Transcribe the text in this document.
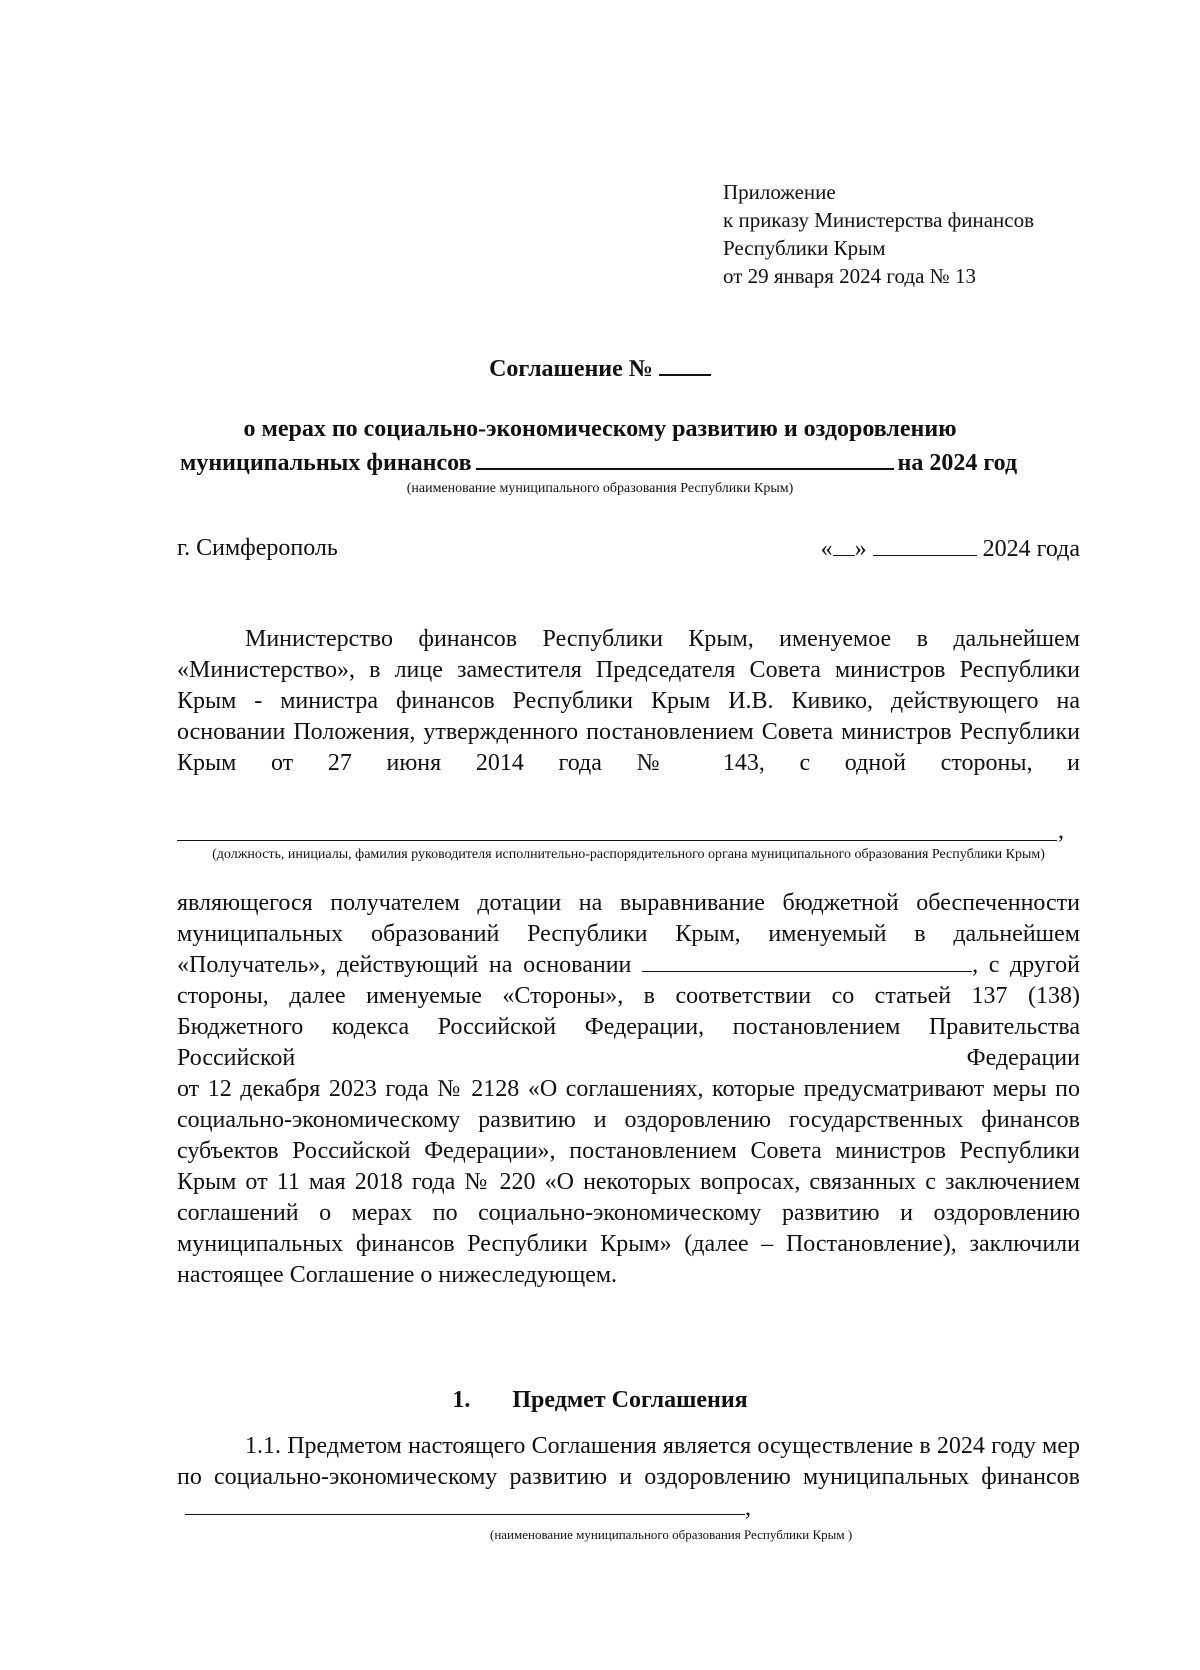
Приложение
к приказу Министерства финансов
Республики Крым
от 29 января 2024 года № 13
Соглашение №
о мерах по социально-экономическому развитию и оздоровлению
муниципальных финансов	на 2024 год
(наименование муниципального образования Республики Крым)
г. Симферополь	« »	2024 года

Министерство финансов Республики Крым, именуемое в дальнейшем «Министерство», в лице заместителя Председателя Совета министров Республики Крым - министра финансов Республики Крым И.В. Кивико, действующего на основании Положения, утвержденного постановлением Совета министров Республики Крым от 27 июня 2014 года № 143, с одной стороны, и

,
(должность, инициалы, фамилия руководителя исполнительно-распорядительного органа муниципального образования Республики Крым)

являющегося получателем дотации на выравнивание бюджетной обеспеченности муниципальных образований Республики Крым, именуемый в дальнейшем «Получатель», действующий на основании	, с другой стороны, далее именуемые «Стороны», в соответствии со статьей 137 (138) Бюджетного кодекса Российской Федерации, постановлением Правительства Российской Федерации

от 12 декабря 2023 года № 2128 «О соглашениях, которые предусматривают меры по социально-экономическому развитию и оздоровлению государственных финансов субъектов Российской Федерации», постановлением Совета министров Республики Крым от 11 мая 2018 года № 220 «О некоторых вопросах, связанных с заключением соглашений о мерах по социально-экономическому развитию и оздоровлению муниципальных финансов Республики Крым» (далее – Постановление), заключили настоящее Соглашение о нижеследующем.

1. Предмет Соглашения

1.1. Предметом настоящего Соглашения является осуществление в 2024 году мер по социально-экономическому развитию и оздоровлению муниципальных финансов,

(наименование муниципального образования Республики Крым )
